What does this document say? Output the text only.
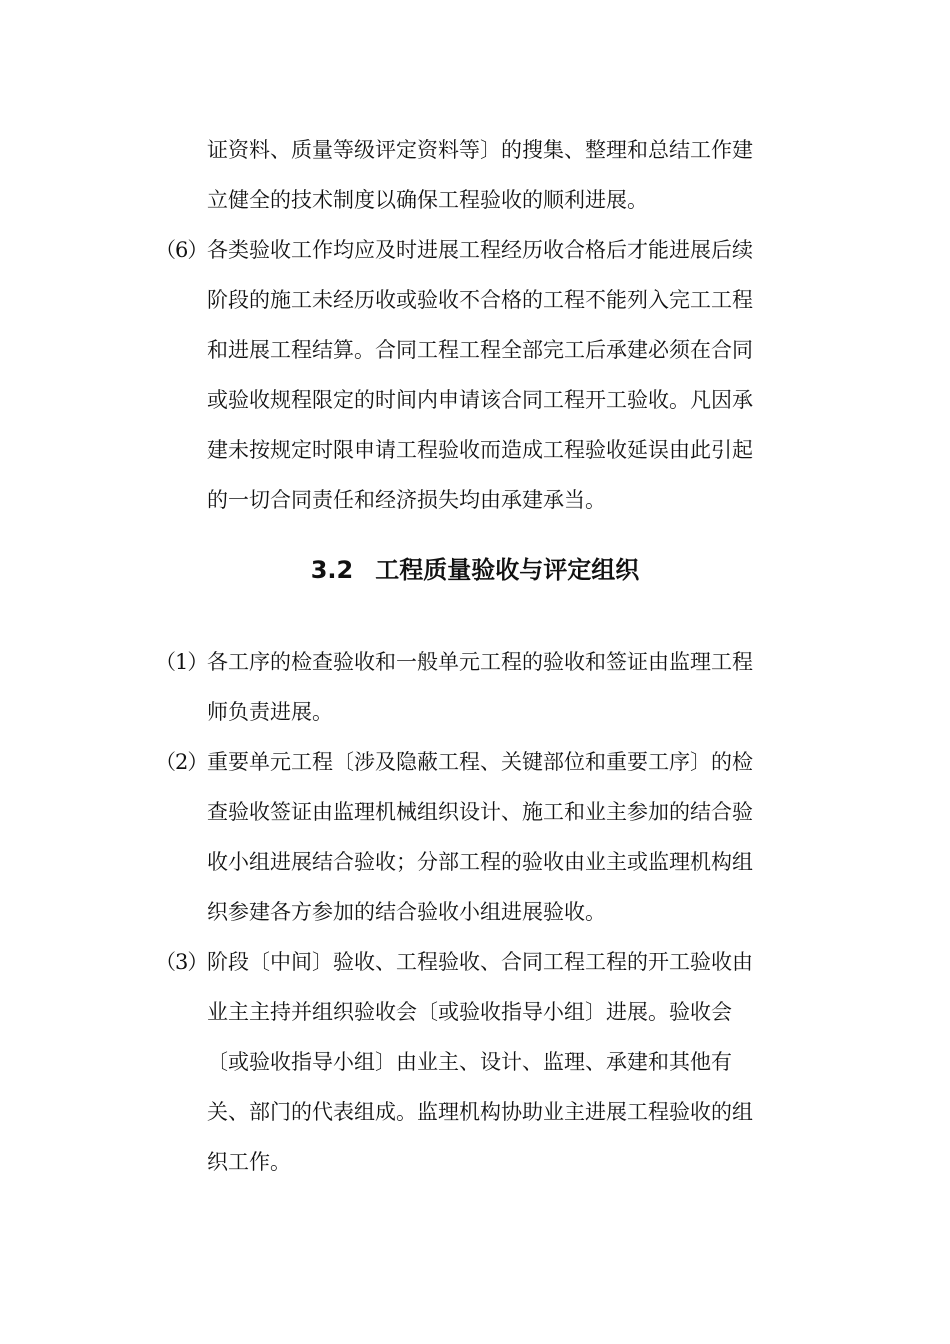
证资料、质量等级评定资料等〕的搜集、整理和总结工作建
立健全的技术制度以确保工程验收的顺利进展。
（6） 各类验收工作均应及时进展工程经历收合格后才能进展后续
阶段的施工未经历收或验收不合格的工程不能列入完工工程
和进展工程结算。合同工程工程全部完工后承建必须在合同
或验收规程限定的时间内申请该合同工程开工验收。凡因承
建未按规定时限申请工程验收而造成工程验收延误由此引起
的一切合同责任和经济损失均由承建承当。
3.2 工程质量验收与评定组织
（1） 各工序的检查验收和一般单元工程的验收和签证由监理工程
师负责进展。
（2） 重要单元工程〔涉及隐蔽工程、关键部位和重要工序〕的检
查验收签证由监理机械组织设计、施工和业主参加的结合验
收小组进展结合验收；分部工程的验收由业主或监理机构组
织参建各方参加的结合验收小组进展验收。
（3） 阶段〔中间〕验收、工程验收、合同工程工程的开工验收由
业主主持并组织验收会〔或验收指导小组〕进展。验收会
〔或验收指导小组〕由业主、设计、监理、承建和其他有
关、部门的代表组成。监理机构协助业主进展工程验收的组
织工作。
